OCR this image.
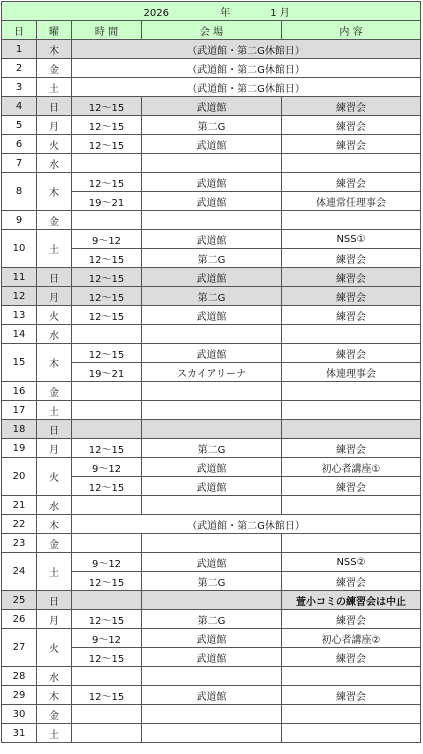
2026 年 1 月				
日	曜	時 間	会 場	内 容
1	木	（武道館・第二G休館日）		
2	金	（武道館・第二G休館日）		
3	土	（武道館・第二G休館日）		
4	日	12～15	武道館	練習会
5	月	12～15	第二G	練習会
6	火	12～15	武道館	練習会
7	水			
8	木	12～15	武道館	練習会
		19～21	武道館	体連常任理事会
9	金			
10	土	9～12	武道館	NSS①
		12～15	第二G	練習会
11	日	12～15	武道館	練習会
12	月	12～15	第二G	練習会
13	火	12～15	武道館	練習会
14	水			
15	木	12～15	武道館	練習会
		19～21	スカイアリーナ	体連理事会
16	金			
17	土			
18	日			
19	月	12～15	第二G	練習会
20	火	9～12	武道館	初心者講座①
		12～15	武道館	練習会
21	水			
22	木	（武道館・第二G休館日）		
23	金			
24	土	9～12	武道館	NSS②
		12～15	第二G	練習会
25	日			萱小コミの練習会は中止
26	月	12～15	第二G	練習会
27	火	9～12	武道館	初心者講座②
		12～15	武道館	練習会
28	水			
29	木	12～15	武道館	練習会
30	金			
31	土			
